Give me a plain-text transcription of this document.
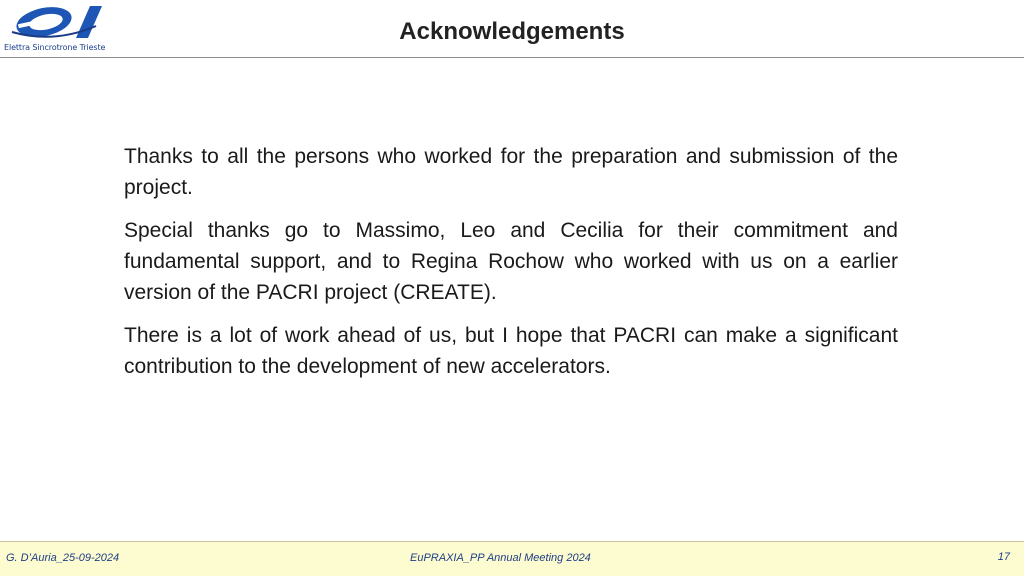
Elettra Sincrotrone Trieste
Acknowledgements

Thanks to all the persons who worked for the preparation and submission of the project.

Special thanks go to Massimo, Leo and Cecilia for their commitment and fundamental support, and to Regina Rochow who worked with us on a earlier version of the PACRI project (CREATE).

There is a lot of work ahead of us, but I hope that PACRI can make a significant contribution to the development of new accelerators.

G. D’Auria_25-09-2024	EuPRAXIA_PP Annual Meeting 2024	17
